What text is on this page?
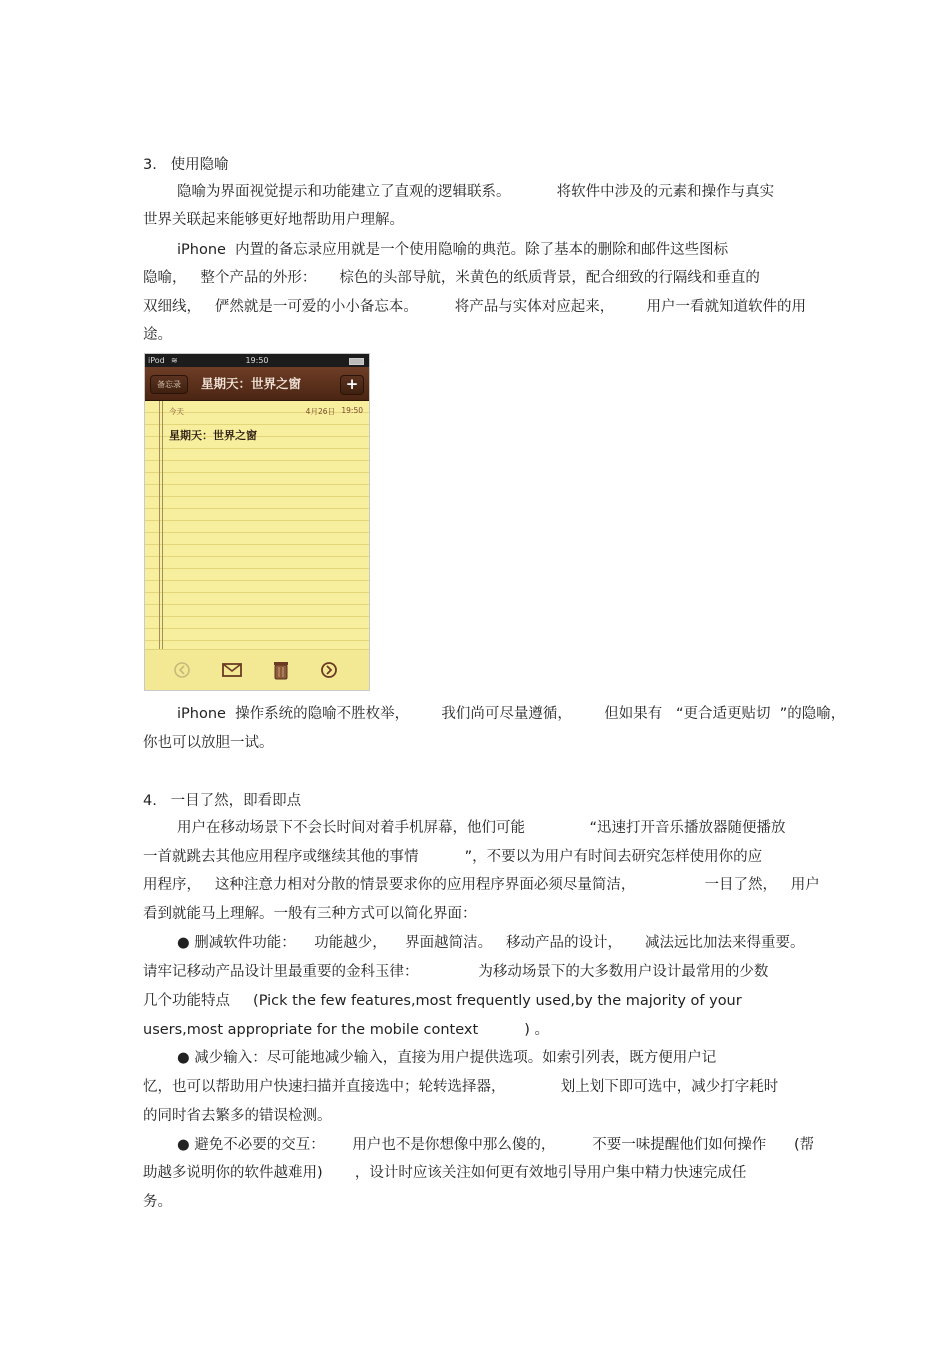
3.   使用隐喻

隐喻为界面视觉提示和功能建立了直观的逻辑联系。          将软件中涉及的元素和操作与真实

世界关联起来能够更好地帮助用户理解。

iPhone  内置的备忘录应用就是一个使用隐喻的典范。除了基本的删除和邮件这些图标

隐喻，   整个产品的外形：     棕色的头部导航，米黄色的纸质背景，配合细致的行隔线和垂直的

双细线，   俨然就是一可爱的小小备忘本。        将产品与实体对应起来，       用户一看就知道软件的用

途。

iPod ≋	19:50
备忘录	星期天：世界之窗	+
今天	4月26日 19:50
星期天：世界之窗

iPhone  操作系统的隐喻不胜枚举，       我们尚可尽量遵循，       但如果有   “更合适更贴切  ”的隐喻，

你也可以放胆一试。

4.   一目了然，即看即点

用户在移动场景下不会长时间对着手机屏幕，他们可能              “迅速打开音乐播放器随便播放

一首就跳去其他应用程序或继续其他的事情          ”，不要以为用户有时间去研究怎样使用你的应

用程序，   这种注意力相对分散的情景要求你的应用程序界面必须尽量简洁，               一目了然，   用户

看到就能马上理解。一般有三种方式可以简化界面：

● 删减软件功能：    功能越少，    界面越简洁。   移动产品的设计，     减法远比加法来得重要。

请牢记移动产品设计里最重要的金科玉律：             为移动场景下的大多数用户设计最常用的少数

几个功能特点     (Pick the few features,most frequently used,by the majority of your

users,most appropriate for the mobile context          ) 。

● 减少输入：尽可能地减少输入，直接为用户提供选项。如索引列表，既方便用户记

忆，也可以帮助用户快速扫描并直接选中；轮转选择器，            划上划下即可选中，减少打字耗时

的同时省去繁多的错误检测。

● 避免不必要的交互：      用户也不是你想像中那么傻的，        不要一味提醒他们如何操作      (帮

助越多说明你的软件越难用)       ，设计时应该关注如何更有效地引导用户集中精力快速完成任

务。
